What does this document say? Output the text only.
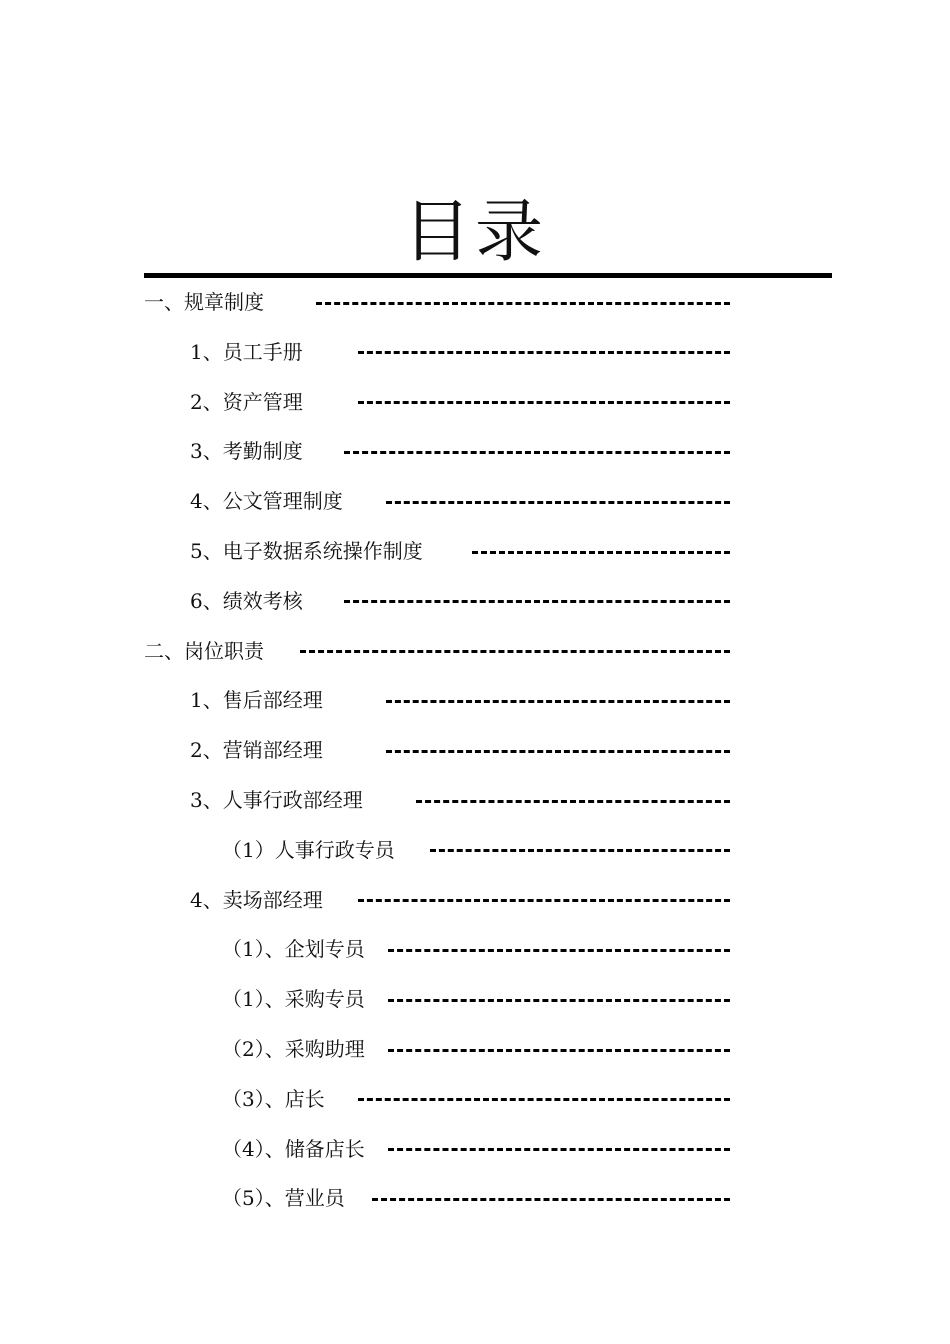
目录
一、规章制度
1、员工手册
2、资产管理
3、考勤制度
4、公文管理制度
5、电子数据系统操作制度
6、绩效考核
二、岗位职责
1、售后部经理
2、营销部经理
3、人事行政部经理
（1）人事行政专员
4、卖场部经理
（1）、企划专员
（1）、采购专员
（2）、采购助理
（3）、店长
（4）、储备店长
（5）、营业员
